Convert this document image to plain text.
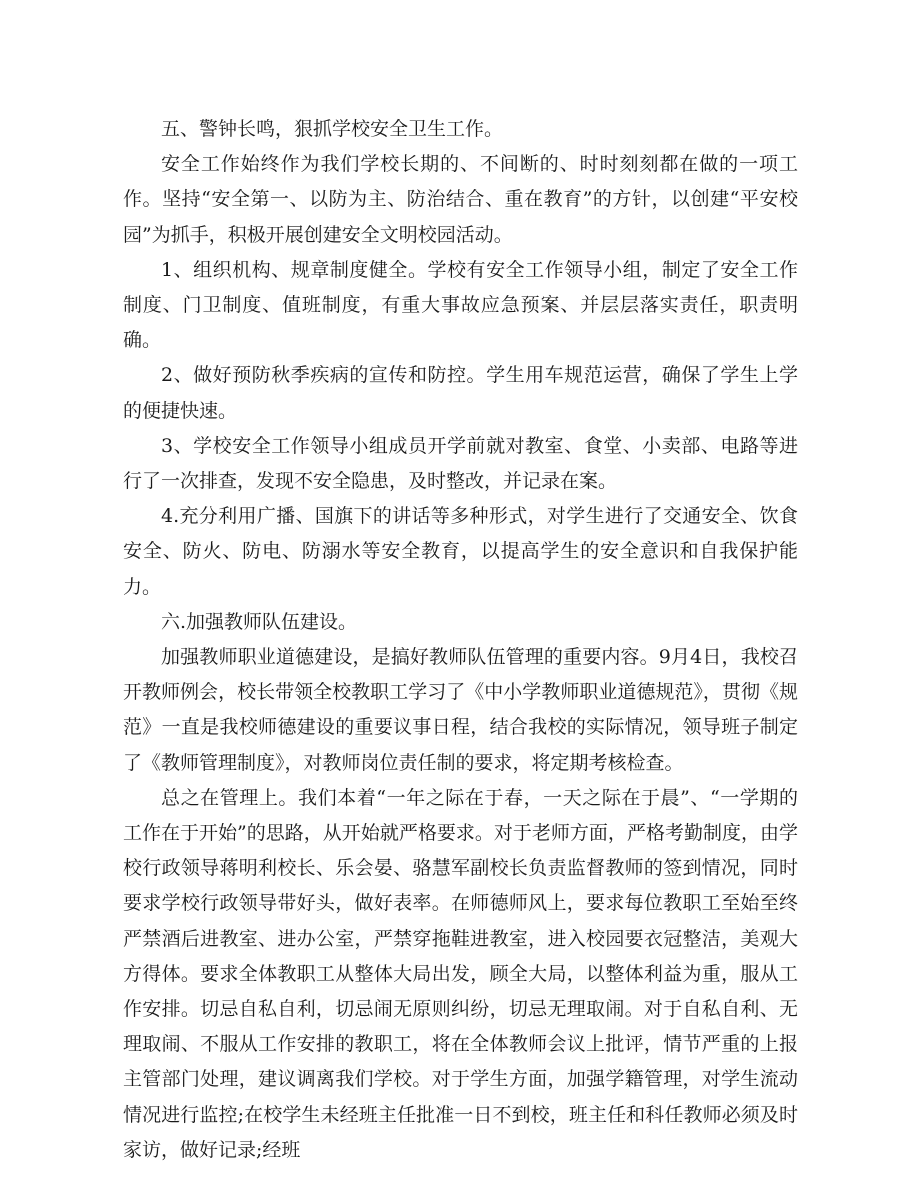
五、警钟长鸣，狠抓学校安全卫生工作。

安全工作始终作为我们学校长期的、不间断的、时时刻刻都在做的一项工作。坚持“安全第一、以防为主、防治结合、重在教育”的方针，以创建“平安校园”为抓手，积极开展创建安全文明校园活动。

1、组织机构、规章制度健全。学校有安全工作领导小组，制定了安全工作制度、门卫制度、值班制度，有重大事故应急预案、并层层落实责任，职责明确。

2、做好预防秋季疾病的宣传和防控。学生用车规范运营，确保了学生上学的便捷快速。

3、学校安全工作领导小组成员开学前就对教室、食堂、小卖部、电路等进行了一次排查，发现不安全隐患，及时整改，并记录在案。

4.充分利用广播、国旗下的讲话等多种形式，对学生进行了交通安全、饮食安全、防火、防电、防溺水等安全教育，以提高学生的安全意识和自我保护能力。

六.加强教师队伍建设。

加强教师职业道德建设，是搞好教师队伍管理的重要内容。9月4日，我校召开教师例会，校长带领全校教职工学习了《中小学教师职业道德规范》，贯彻《规范》一直是我校师德建设的重要议事日程，结合我校的实际情况，领导班子制定了《教师管理制度》，对教师岗位责任制的要求，将定期考核检查。

总之在管理上。我们本着“一年之际在于春，一天之际在于晨”、“一学期的工作在于开始”的思路，从开始就严格要求。对于老师方面，严格考勤制度，由学校行政领导蒋明利校长、乐会晏、骆慧军副校长负责监督教师的签到情况，同时要求学校行政领导带好头，做好表率。在师德师风上，要求每位教职工至始至终严禁酒后进教室、进办公室，严禁穿拖鞋进教室，进入校园要衣冠整洁，美观大方得体。要求全体教职工从整体大局出发，顾全大局，以整体利益为重，服从工作安排。切忌自私自利，切忌闹无原则纠纷，切忌无理取闹。对于自私自利、无理取闹、不服从工作安排的教职工，将在全体教师会议上批评，情节严重的上报主管部门处理，建议调离我们学校。对于学生方面，加强学籍管理，对学生流动情况进行监控;在校学生未经班主任批准一日不到校，班主任和科任教师必须及时家访，做好记录;经班
